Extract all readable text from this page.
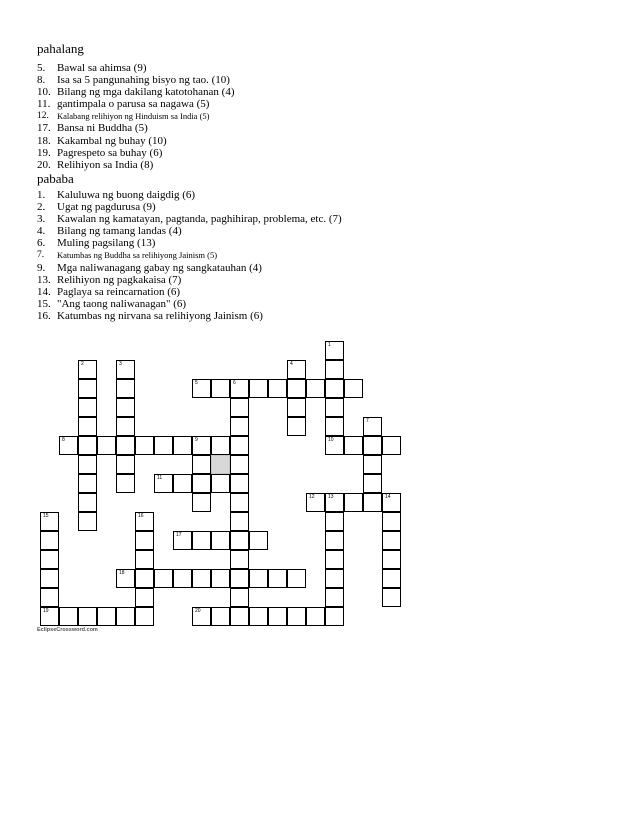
pahalang
5.	Bawal sa ahimsa (9)
8.	Isa sa 5 pangunahing bisyo ng tao. (10)
10. Bilang ng mga dakilang katotohanan (4)
11. gantimpala o parusa sa nagawa (5)
12. Kalabang relihiyon ng Hinduism sa India (5)
17. Bansa ni Buddha (5)
18. Kakambal ng buhay (10)
19. Pagrespeto sa buhay (6)
20. Relihiyon sa India (8)
pababa
1.	Kaluluwa ng buong daigdig (6)
2.	Ugat ng pagdurusa (9)
3.	Kawalan ng kamatayan, pagtanda, paghihirap, problema, etc. (7)
4.	Bilang ng tamang landas (4)
6.	Muling pagsilang (13)
7.	Katumbas ng Buddha sa relihiyong Jainism (5)
9.	Mga naliwanagang gabay ng sangkatauhan (4)
13. Relihiyon ng pagkakaisa (7)
14. Paglaya sa reincarnation (6)
15. "Ang taong naliwanagan" (6)
16. Katumbas ng nirvana sa relihiyong Jainism (6)
5	6
8	9	10
11
12	13	14
17
18
19	20
1
2	3	4
7
15	16
EclipseCrossword.com
